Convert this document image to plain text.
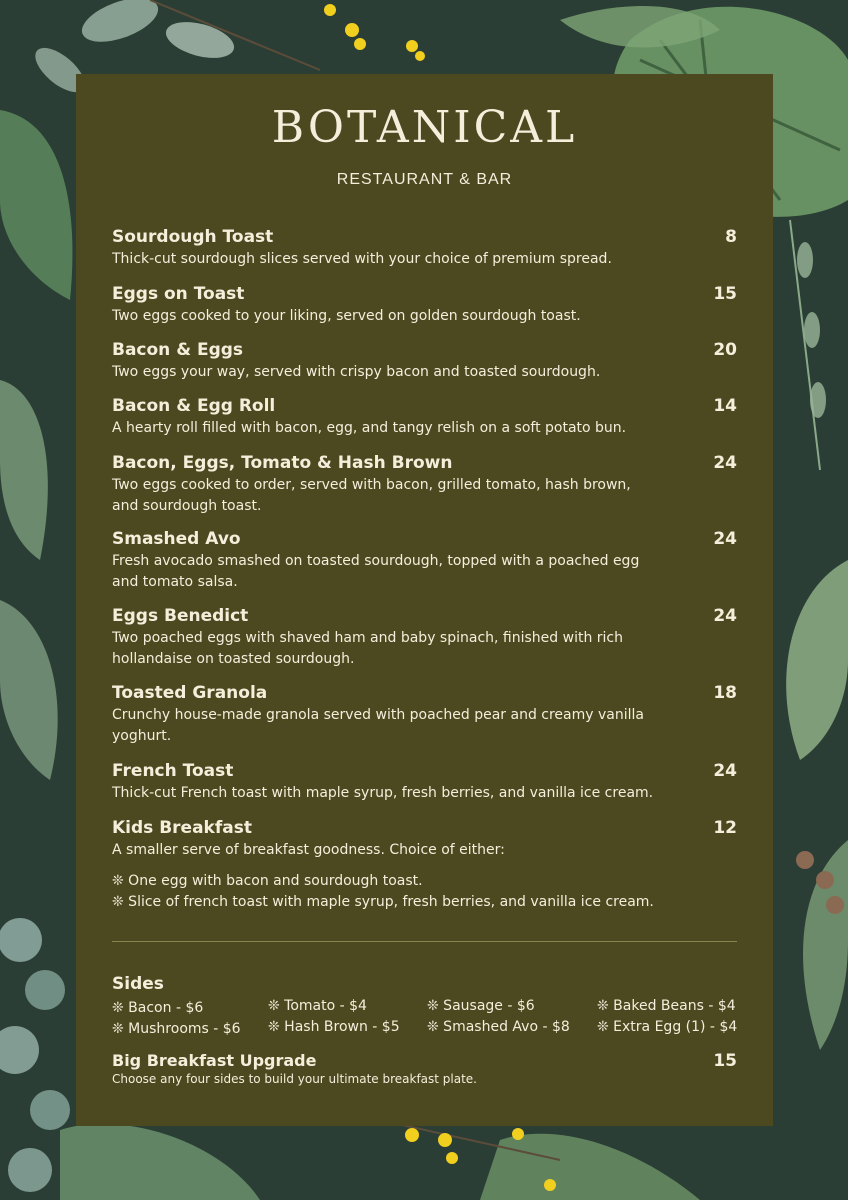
BOTANICAL
RESTAURANT & BAR
Sourdough Toast	8
Thick-cut sourdough slices served with your choice of premium spread.
Eggs on Toast	15
Two eggs cooked to your liking, served on golden sourdough toast.
Bacon & Eggs	20
Two eggs your way, served with crispy bacon and toasted sourdough.
Bacon & Egg Roll	14
A hearty roll filled with bacon, egg, and tangy relish on a soft potato bun.
Bacon, Eggs, Tomato & Hash Brown	24
Two eggs cooked to order, served with bacon, grilled tomato, hash brown, and sourdough toast.
Smashed Avo	24
Fresh avocado smashed on toasted sourdough, topped with a poached egg and tomato salsa.
Eggs Benedict	24
Two poached eggs with shaved ham and baby spinach, finished with rich hollandaise on toasted sourdough.
Toasted Granola	18
Crunchy house-made granola served with poached pear and creamy vanilla yoghurt.
French Toast	24
Thick-cut French toast with maple syrup, fresh berries, and vanilla ice cream.
Kids Breakfast	12
A smaller serve of breakfast goodness. Choice of either:
❊ One egg with bacon and sourdough toast.
❊ Slice of french toast with maple syrup, fresh berries, and vanilla ice cream.
Sides
❊ Bacon - $6	❊ Tomato - $4	❊ Sausage - $6	❊ Baked Beans - $4
❊ Mushrooms - $6 ❊ Hash Brown - $5 ❊ Smashed Avo - $8 ❊ Extra Egg (1) - $4
Big Breakfast Upgrade	15
Choose any four sides to build your ultimate breakfast plate.
